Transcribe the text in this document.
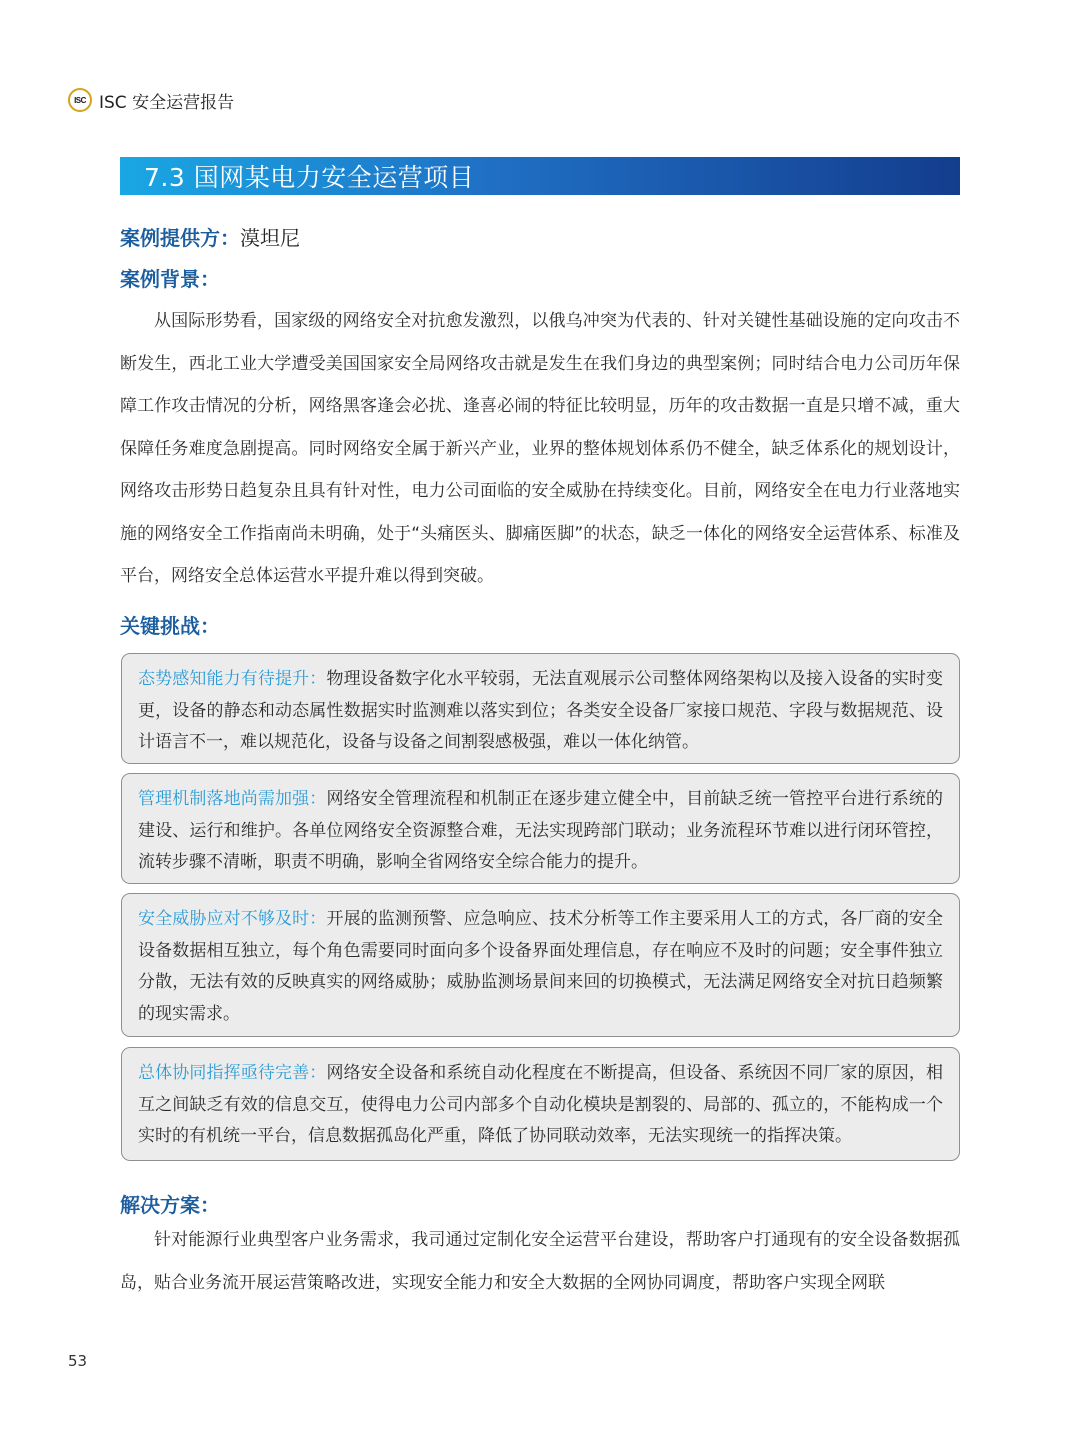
ISC ISC 安全运营报告
7.3 国网某电力安全运营项目
案例提供方： 漠坦尼
案例背景：

从国际形势看，国家级的网络安全对抗愈发激烈，以俄乌冲突为代表的、针对关键性基础设施的定向攻击不断发生，西北工业大学遭受美国国家安全局网络攻击就是发生在我们身边的典型案例；同时结合电力公司历年保障工作攻击情况的分析，网络黑客逢会必扰、逢喜必闹的特征比较明显，历年的攻击数据一直是只增不减，重大保障任务难度急剧提高。同时网络安全属于新兴产业，业界的整体规划体系仍不健全，缺乏体系化的规划设计，网络攻击形势日趋复杂且具有针对性，电力公司面临的安全威胁在持续变化。目前，网络安全在电力行业落地实施的网络安全工作指南尚未明确，处于“头痛医头、脚痛医脚”的状态，缺乏一体化的网络安全运营体系、标准及平台，网络安全总体运营水平提升难以得到突破。

关键挑战：
态势感知能力有待提升：物理设备数字化水平较弱，无法直观展示公司整体网络架构以及接入设备的实时变更，设备的静态和动态属性数据实时监测难以落实到位；各类安全设备厂家接口规范、字段与数据规范、设计语言不一，难以规范化，设备与设备之间割裂感极强，难以一体化纳管。
管理机制落地尚需加强：网络安全管理流程和机制正在逐步建立健全中，目前缺乏统一管控平台进行系统的建设、运行和维护。各单位网络安全资源整合难，无法实现跨部门联动；业务流程环节难以进行闭环管控，流转步骤不清晰，职责不明确，影响全省网络安全综合能力的提升。
安全威胁应对不够及时：开展的监测预警、应急响应、技术分析等工作主要采用人工的方式，各厂商的安全设备数据相互独立，每个角色需要同时面向多个设备界面处理信息，存在响应不及时的问题；安全事件独立分散，无法有效的反映真实的网络威胁；威胁监测场景间来回的切换模式，无法满足网络安全对抗日趋频繁的现实需求。
总体协同指挥亟待完善：网络安全设备和系统自动化程度在不断提高，但设备、系统因不同厂家的原因，相互之间缺乏有效的信息交互，使得电力公司内部多个自动化模块是割裂的、局部的、孤立的，不能构成一个实时的有机统一平台，信息数据孤岛化严重，降低了协同联动效率，无法实现统一的指挥决策。
解决方案：

针对能源行业典型客户业务需求，我司通过定制化安全运营平台建设，帮助客户打通现有的安全设备数据孤岛，贴合业务流开展运营策略改进，实现安全能力和安全大数据的全网协同调度，帮助客户实现全网联

53
